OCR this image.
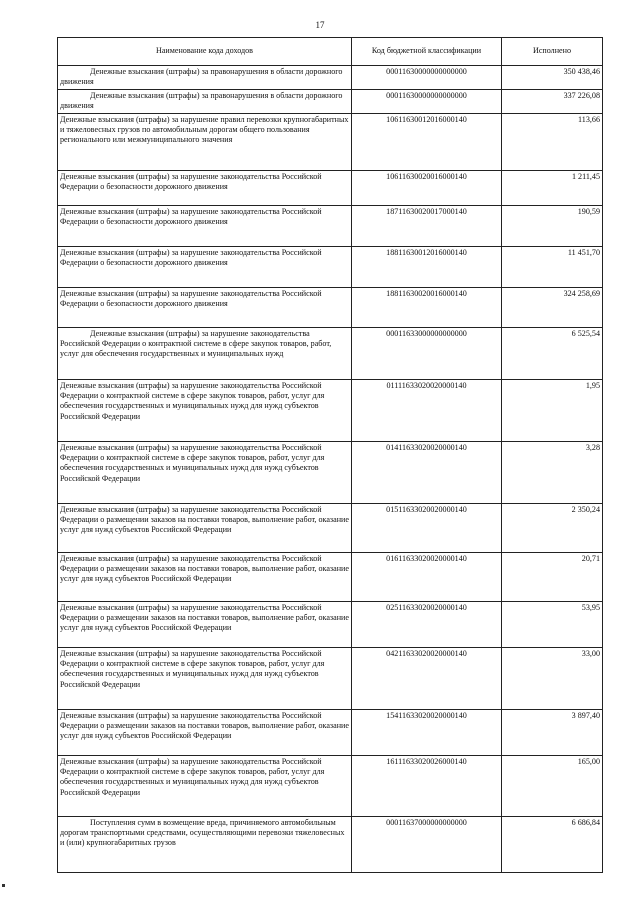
17
Наименование кода доходов	Код бюджетной классификации	Исполнено
Денежные взыскания (штрафы) за правонарушения в области дорожного движения	00011630000000000000	350 438,46
Денежные взыскания (штрафы) за правонарушения в области дорожного движения	00011630000000000000	337 226,08
Денежные взыскания (штрафы) за нарушение правил перевозки крупногабаритных и тяжеловесных грузов по автомобильным дорогам общего пользования регионального или межмуниципального значения	10611630012016000140	113,66
Денежные взыскания (штрафы) за нарушение законодательства Российской Федерации о безопасности дорожного движения	10611630020016000140	1 211,45
Денежные взыскания (штрафы) за нарушение законодательства Российской Федерации о безопасности дорожного движения	18711630020017000140	190,59
Денежные взыскания (штрафы) за нарушение законодательства Российской Федерации о безопасности дорожного движения	18811630012016000140	11 451,70
Денежные взыскания (штрафы) за нарушение законодательства Российской Федерации о безопасности дорожного движения	18811630020016000140	324 258,69
Денежные взыскания (штрафы) за нарушение законодательства Российской Федерации о контрактной системе в сфере закупок товаров, работ, услуг для обеспечения государственных и муниципальных нужд	00011633000000000000	6 525,54
Денежные взыскания (штрафы) за нарушение законодательства Российской Федерации о контрактной системе в сфере закупок товаров, работ, услуг для обеспечения государственных и муниципальных нужд для нужд субъектов Российской Федерации	01111633020020000140	1,95
Денежные взыскания (штрафы) за нарушение законодательства Российской Федерации о контрактной системе в сфере закупок товаров, работ, услуг для обеспечения государственных и муниципальных нужд для нужд субъектов Российской Федерации	01411633020020000140	3,28
Денежные взыскания (штрафы) за нарушение законодательства Российской Федерации о размещении заказов на поставки товаров, выполнение работ, оказание услуг для нужд субъектов Российской Федерации	01511633020020000140	2 350,24
Денежные взыскания (штрафы) за нарушение законодательства Российской Федерации о размещении заказов на поставки товаров, выполнение работ, оказание услуг для нужд субъектов Российской Федерации	01611633020020000140	20,71
Денежные взыскания (штрафы) за нарушение законодательства Российской Федерации о размещении заказов на поставки товаров, выполнение работ, оказание услуг для нужд субъектов Российской Федерации	02511633020020000140	53,95
Денежные взыскания (штрафы) за нарушение законодательства Российской Федерации о контрактной системе в сфере закупок товаров, работ, услуг для обеспечения государственных и муниципальных нужд для нужд субъектов Российской Федерации	04211633020020000140	33,00
Денежные взыскания (штрафы) за нарушение законодательства Российской Федерации о размещении заказов на поставки товаров, выполнение работ, оказание услуг для нужд субъектов Российской Федерации	15411633020020000140	3 897,40
Денежные взыскания (штрафы) за нарушение законодательства Российской Федерации о контрактной системе в сфере закупок товаров, работ, услуг для обеспечения государственных и муниципальных нужд для нужд субъектов Российской Федерации	16111633020026000140	165,00
Поступления сумм в возмещение вреда, причиняемого автомобильным дорогам транспортными средствами, осуществляющими перевозки тяжеловесных и (или) крупногабаритных грузов	00011637000000000000	6 686,84
